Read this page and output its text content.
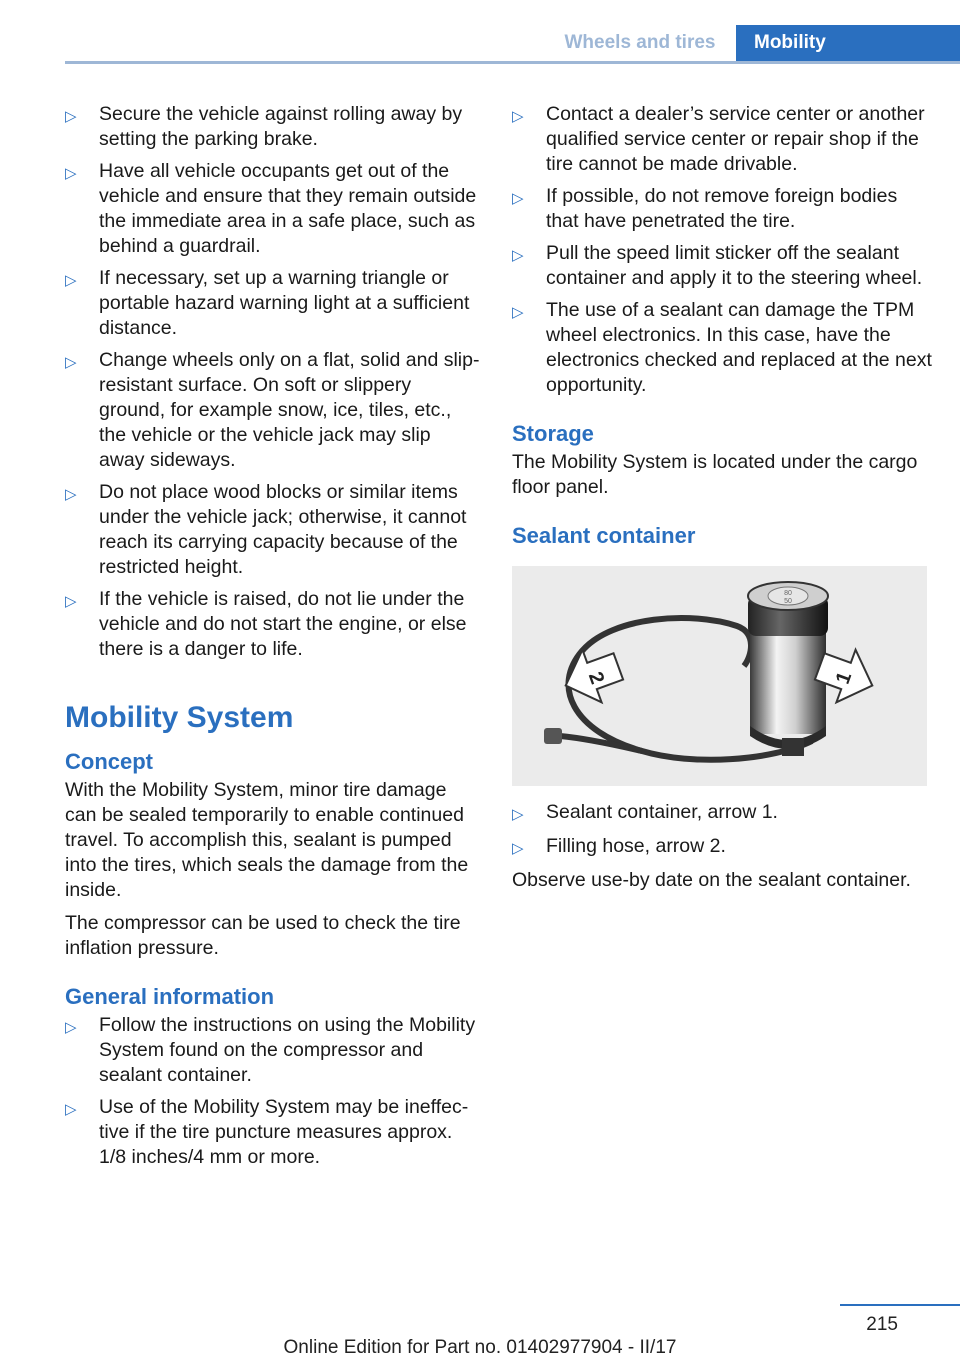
Wheels and tires	Mobility
▷	Secure the vehicle against rolling away by setting the parking brake.
▷	Have all vehicle occupants get out of the vehicle and ensure that they remain outside the immediate area in a safe place, such as behind a guardrail.
▷	If necessary, set up a warning triangle or portable hazard warning light at a sufficient distance.
▷	Change wheels only on a flat, solid and slip-resistant surface. On soft or slippery ground, for example snow, ice, tiles, etc., the vehicle or the vehicle jack may slip away sideways.
▷	Do not place wood blocks or similar items under the vehicle jack; otherwise, it cannot reach its carrying capacity because of the restricted height.
▷	If the vehicle is raised, do not lie under the vehicle and do not start the engine, or else there is a danger to life.
Mobility System
Concept

With the Mobility System, minor tire damage can be sealed temporarily to enable continued travel. To accomplish this, sealant is pumped into the tires, which seals the damage from the inside.

The compressor can be used to check the tire inflation pressure.

General information
▷	Follow the instructions on using the Mobility System found on the compressor and sealant container.
▷	Use of the Mobility System may be ineffective if the tire puncture measures approx. 1/8 inches/4 mm or more.
▷	Contact a dealer’s service center or another qualified service center or repair shop if the tire cannot be made drivable.
▷	If possible, do not remove foreign bodies that have penetrated the tire.
▷	Pull the speed limit sticker off the sealant container and apply it to the steering wheel.
▷	The use of a sealant can damage the TPM wheel electronics. In this case, have the electronics checked and replaced at the next opportunity.
Storage

The Mobility System is located under the cargo floor panel.

Sealant container
80
50
2	1
▷	Sealant container, arrow 1.
▷	Filling hose, arrow 2.

Observe use-by date on the sealant container.

215
Online Edition for Part no. 01402977904 - II/17
